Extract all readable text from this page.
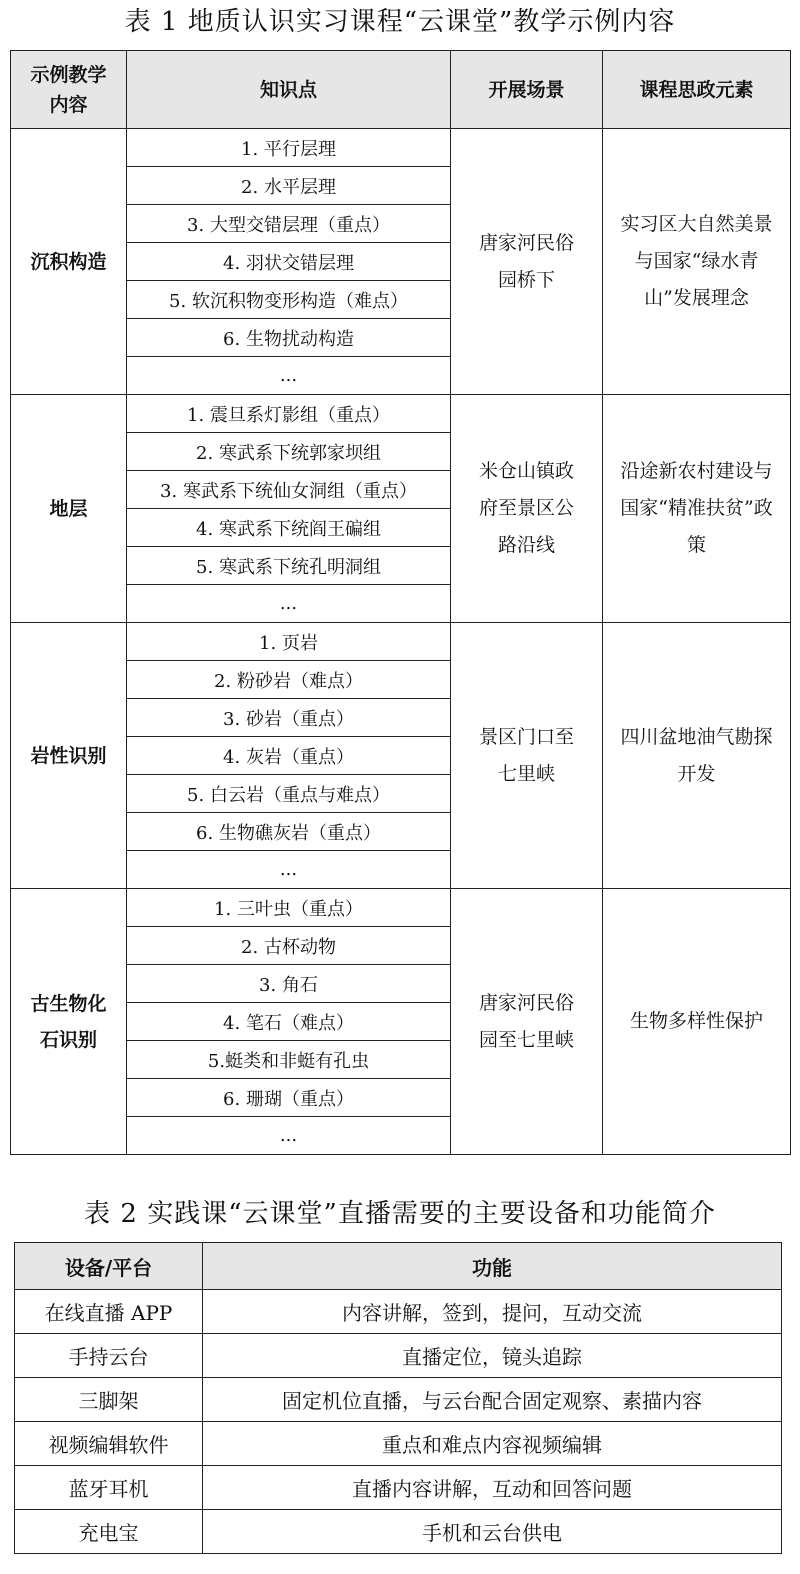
表 1 地质认识实习课程“云课堂”教学示例内容
示例教学内容	知识点	开展场景	课程思政元素
沉积构造	1. 平行层理	唐家河民俗园桥下	实习区大自然美景与国家“绿水青山”发展理念
	2. 水平层理		
	3. 大型交错层理（重点）		
	4. 羽状交错层理		
	5. 软沉积物变形构造（难点）		
	6. 生物扰动构造		
	...		
地层	1. 震旦系灯影组（重点）	米仓山镇政府至景区公路沿线	沿途新农村建设与国家“精准扶贫”政策
	2. 寒武系下统郭家坝组		
	3. 寒武系下统仙女洞组（重点）		
	4. 寒武系下统阎王碥组		
	5. 寒武系下统孔明洞组		
	...		
岩性识别	1. 页岩	景区门口至七里峡	四川盆地油气勘探开发
	2. 粉砂岩（难点）		
	3. 砂岩（重点）		
	4. 灰岩（重点）		
	5. 白云岩（重点与难点）		
	6. 生物礁灰岩（重点）		
	...		
古生物化石识别	1. 三叶虫（重点）	唐家河民俗园至七里峡	生物多样性保护
	2. 古杯动物		
	3. 角石		
	4. 笔石（难点）		
	5.蜓类和非蜓有孔虫		
	6. 珊瑚（重点）		
	...		
表 2 实践课“云课堂”直播需要的主要设备和功能简介
设备/平台	功能
在线直播 APP	内容讲解，签到，提问，互动交流
手持云台	直播定位，镜头追踪
三脚架	固定机位直播，与云台配合固定观察、素描内容
视频编辑软件	重点和难点内容视频编辑
蓝牙耳机	直播内容讲解，互动和回答问题
充电宝	手机和云台供电
